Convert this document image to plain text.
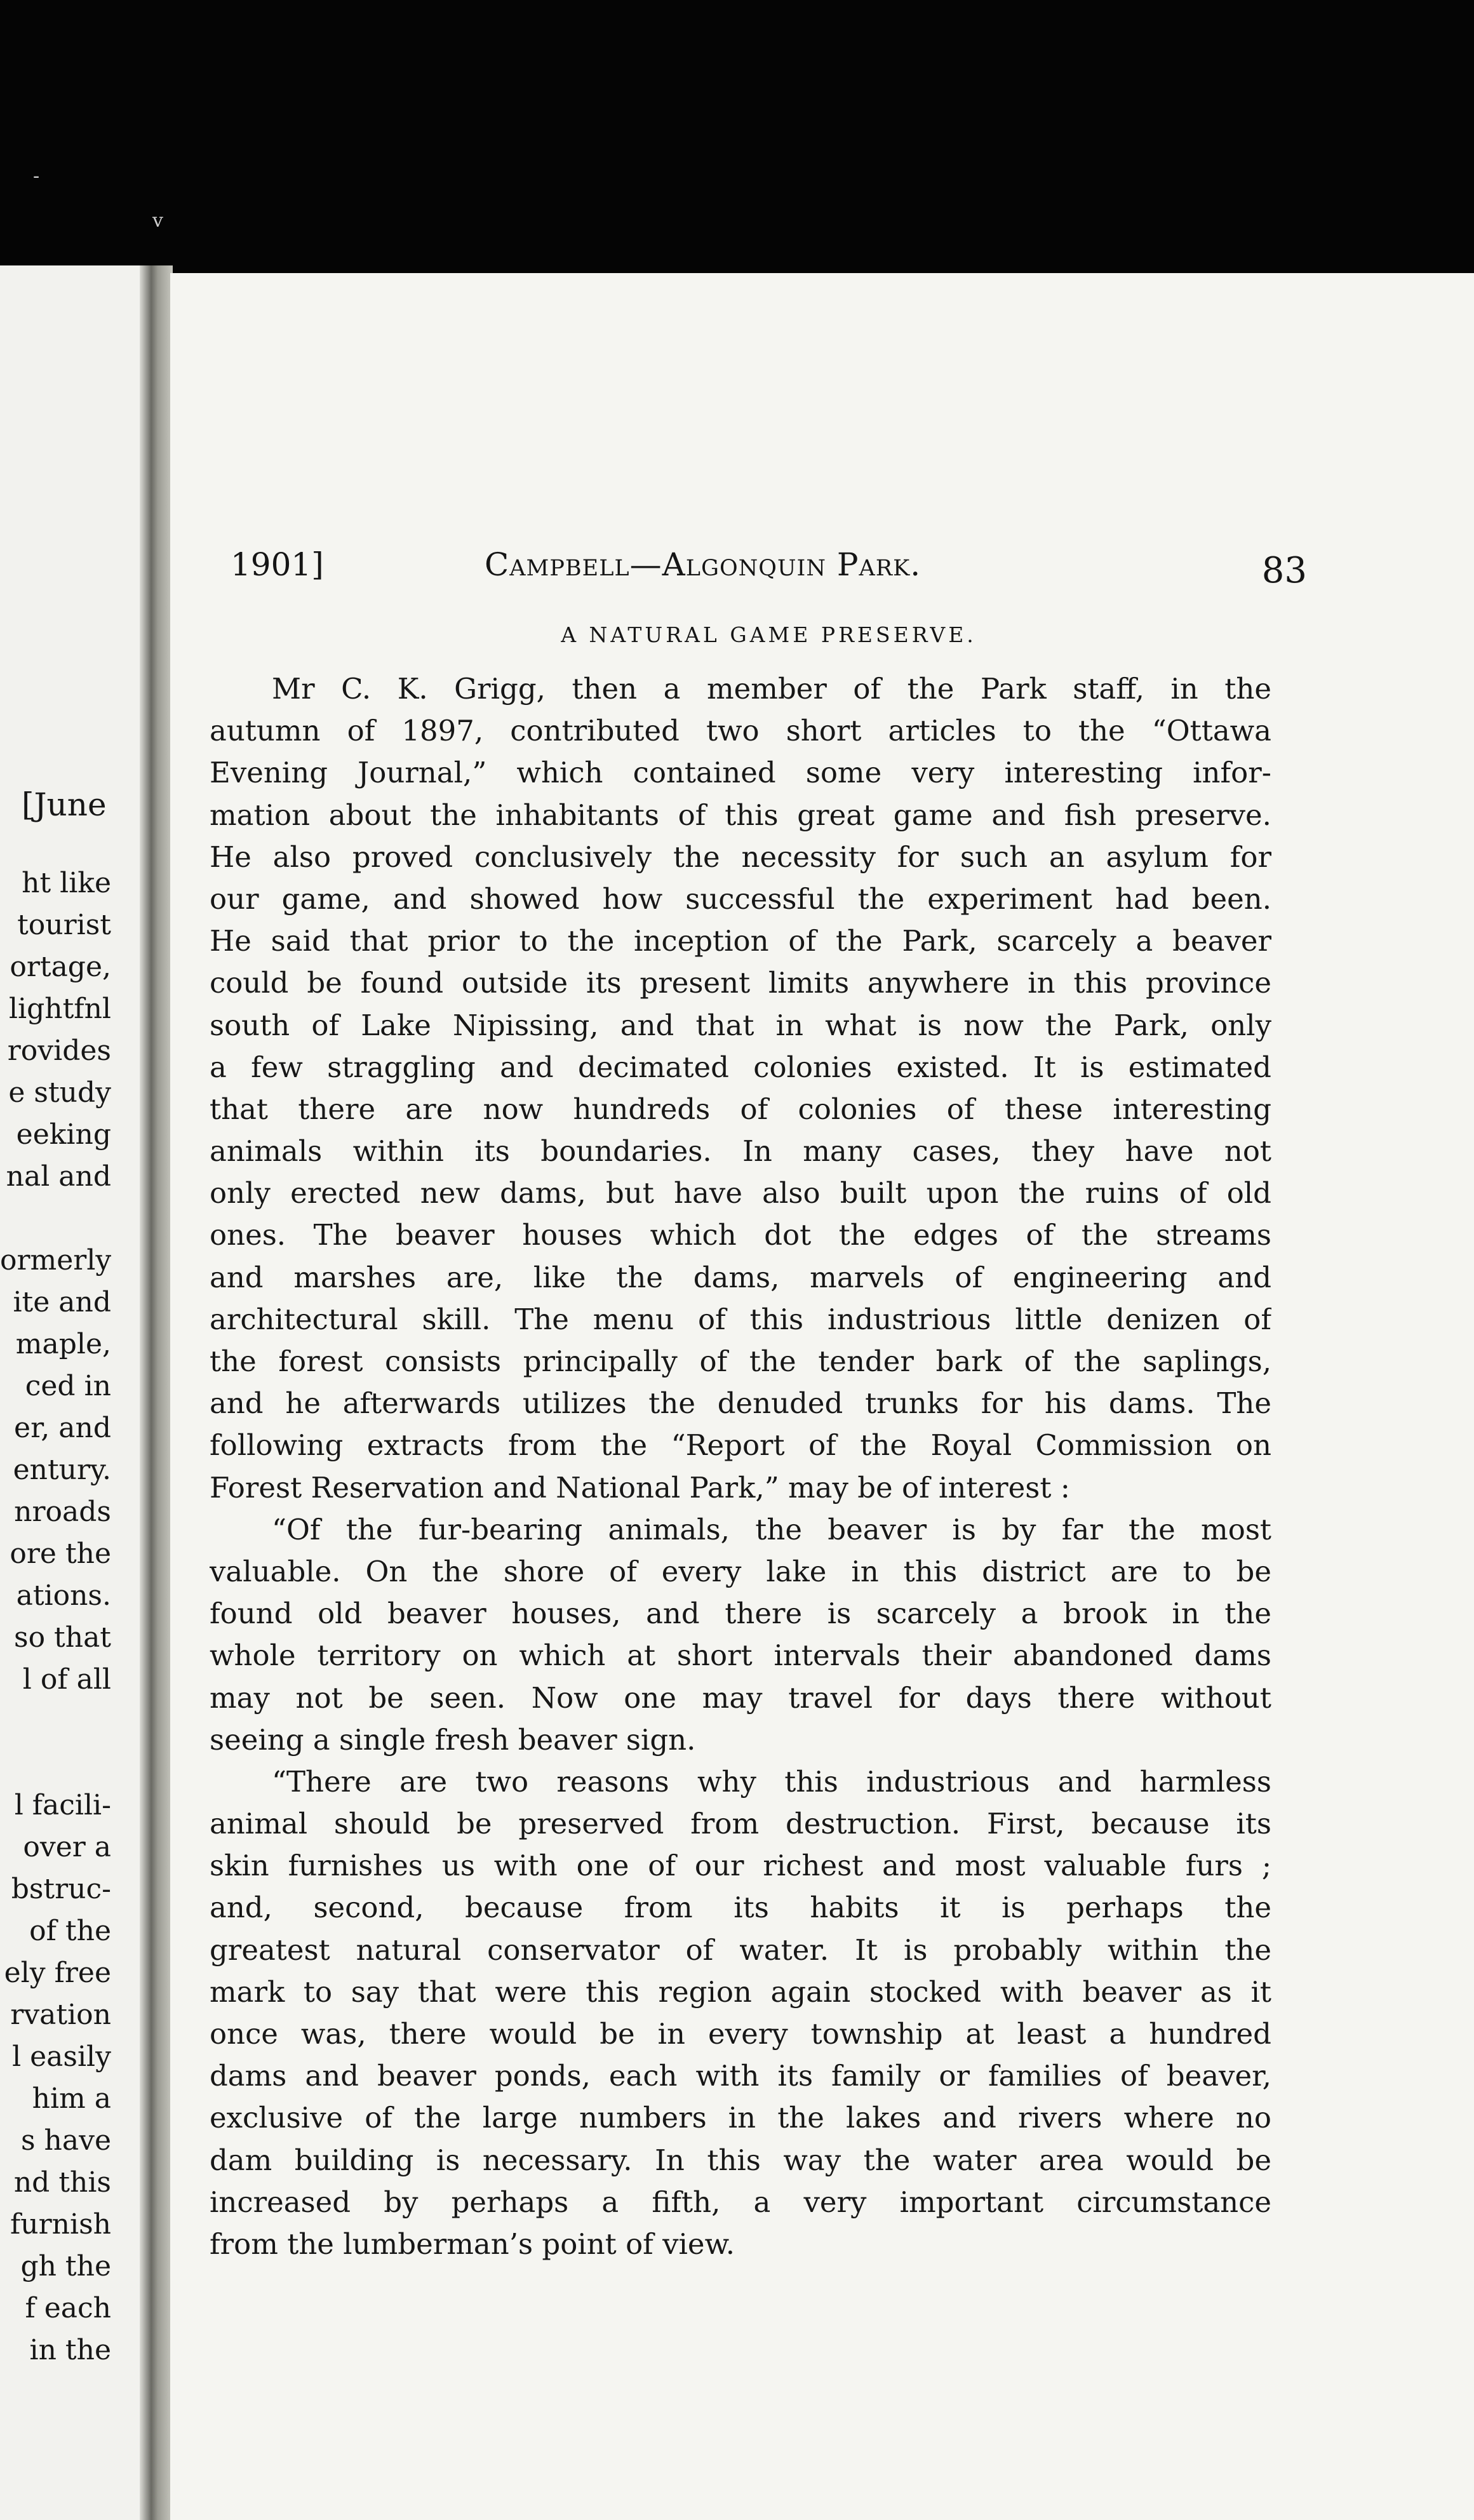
-
v
[June
ht like
tourist
ortage,
lightfnl
rovides
e study
eeking
nal and
ormerly
ite and
maple,
ced in
er, and
entury.
nroads
ore the
ations.
so that
l of all
l facili-
over a
bstruc-
of the
ely free
rvation
l easily
him a
s have
nd this
furnish
gh the
f each
in the
1901]	Campbell—Algonquin Park.	83
A NATURAL GAME PRESERVE.
Mr C. K. Grigg, then a member of the Park staff, in the
autumn of 1897, contributed two short articles to the “Ottawa
Evening Journal,” which contained some very interesting infor-
mation about the inhabitants of this great game and fish preserve.
He also proved conclusively the necessity for such an asylum for
our game, and showed how successful the experiment had been.
He said that prior to the inception of the Park, scarcely a beaver
could be found outside its present limits anywhere in this province
south of Lake Nipissing, and that in what is now the Park, only
a few straggling and decimated colonies existed. It is estimated
that there are now hundreds of colonies of these interesting
animals within its boundaries. In many cases, they have not
only erected new dams, but have also built upon the ruins of old
ones. The beaver houses which dot the edges of the streams
and marshes are, like the dams, marvels of engineering and
architectural skill. The menu of this industrious little denizen of
the forest consists principally of the tender bark of the saplings,
and he afterwards utilizes the denuded trunks for his dams. The
following extracts from the “Report of the Royal Commission on
Forest Reservation and National Park,” may be of interest :
“Of the fur-bearing animals, the beaver is by far the most
valuable. On the shore of every lake in this district are to be
found old beaver houses, and there is scarcely a brook in the
whole territory on which at short intervals their abandoned dams
may not be seen. Now one may travel for days there without
seeing a single fresh beaver sign.
“There are two reasons why this industrious and harmless
animal should be preserved from destruction. First, because its
skin furnishes us with one of our richest and most valuable furs ;
and, second, because from its habits it is perhaps the
greatest natural conservator of water. It is probably within the
mark to say that were this region again stocked with beaver as it
once was, there would be in every township at least a hundred
dams and beaver ponds, each with its family or families of beaver,
exclusive of the large numbers in the lakes and rivers where no
dam building is necessary. In this way the water area would be
increased by perhaps a fifth, a very important circumstance
from the lumberman’s point of view.
